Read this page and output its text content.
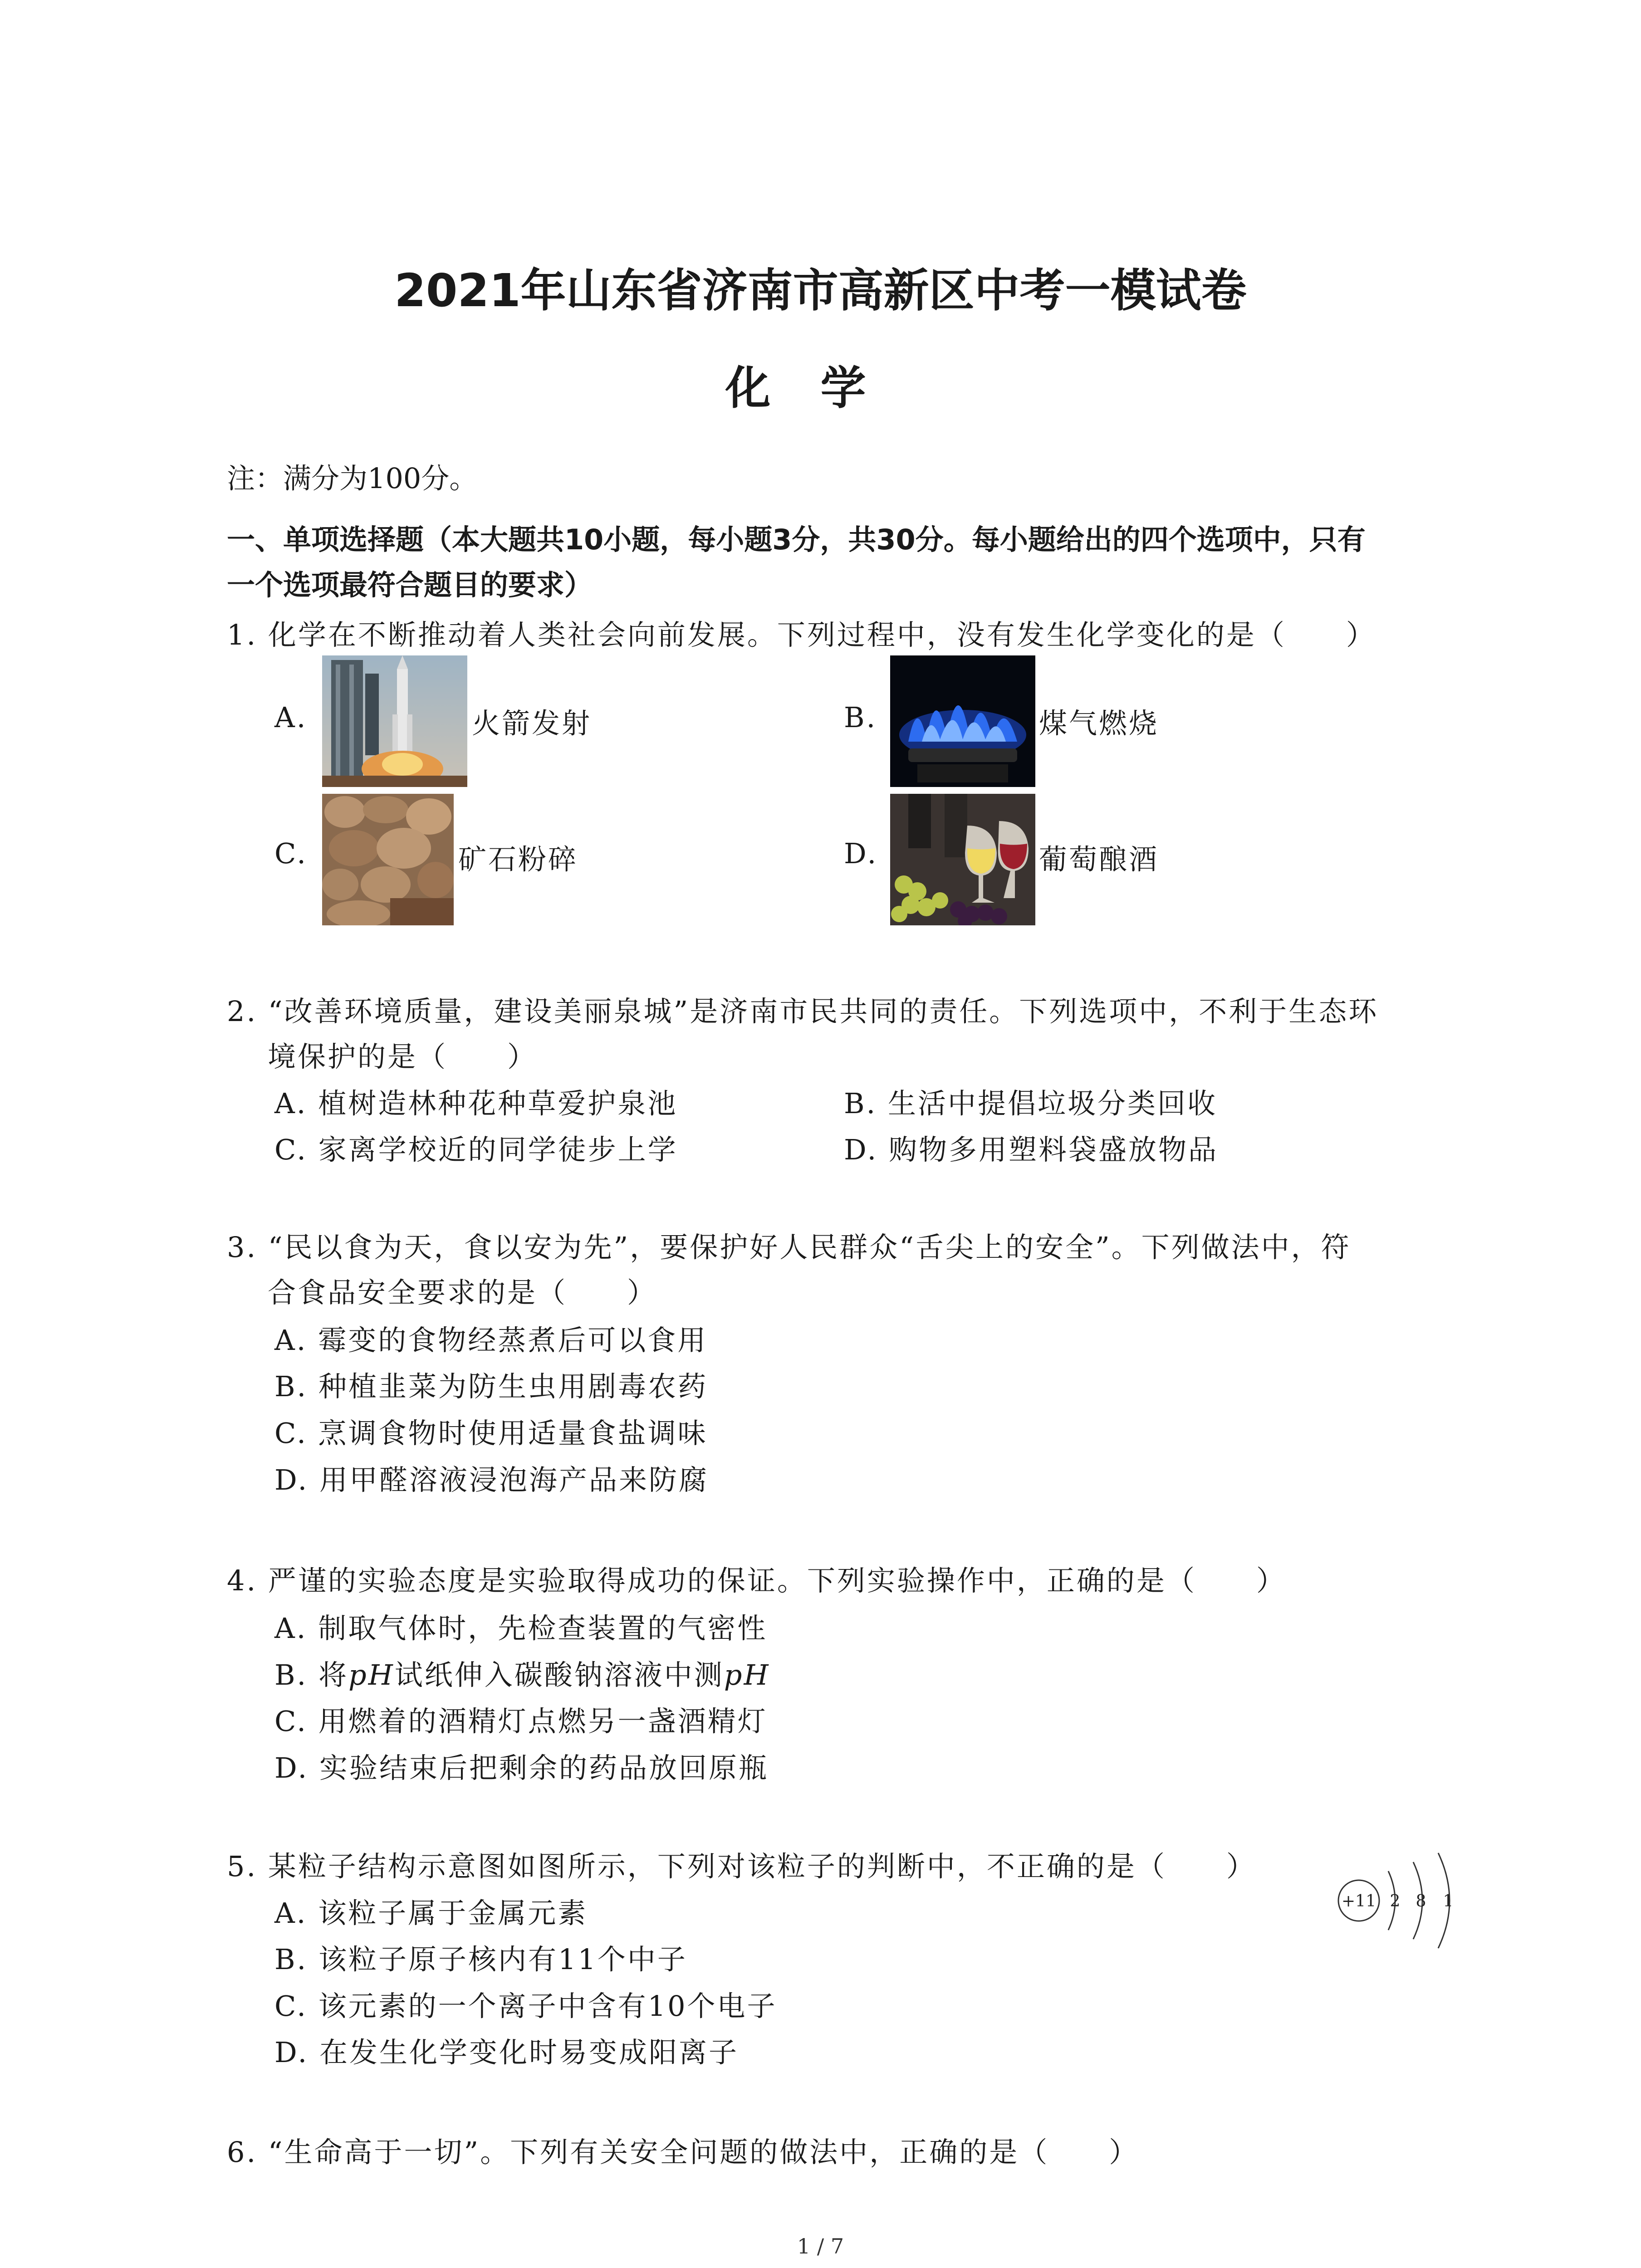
2021年山东省济南市高新区中考一模试卷
化学
注：满分为100分。
一、单项选择题（本大题共10小题，每小题3分，共30分。每小题给出的四个选项中，只有
一个选项最符合题目的要求）
1. 化学在不断推动着人类社会向前发展。下列过程中，没有发生化学变化的是（　　）
A.	火箭发射	B.	煤气燃烧
C.	矿石粉碎	D.	葡萄酿酒
2. “改善环境质量，建设美丽泉城”是济南市民共同的责任。下列选项中，不利于生态环
境保护的是（　　）
A. 植树造林种花种草爱护泉池	B. 生活中提倡垃圾分类回收
C. 家离学校近的同学徒步上学	D. 购物多用塑料袋盛放物品
3. “民以食为天，食以安为先”，要保护好人民群众“舌尖上的安全”。下列做法中，符
合食品安全要求的是（　　）
A. 霉变的食物经蒸煮后可以食用
B. 种植韭菜为防生虫用剧毒农药
C. 烹调食物时使用适量食盐调味
D. 用甲醛溶液浸泡海产品来防腐
4. 严谨的实验态度是实验取得成功的保证。下列实验操作中，正确的是（　　）
A. 制取气体时，先检查装置的气密性
B. 将pH试纸伸入碳酸钠溶液中测pH
C. 用燃着的酒精灯点燃另一盏酒精灯
D. 实验结束后把剩余的药品放回原瓶
5. 某粒子结构示意图如图所示，下列对该粒子的判断中，不正确的是（　　）
+11 2 8 1
A. 该粒子属于金属元素
B. 该粒子原子核内有11个中子
C. 该元素的一个离子中含有10个电子
D. 在发生化学变化时易变成阳离子
6. “生命高于一切”。下列有关安全问题的做法中，正确的是（　　）
1 / 7
